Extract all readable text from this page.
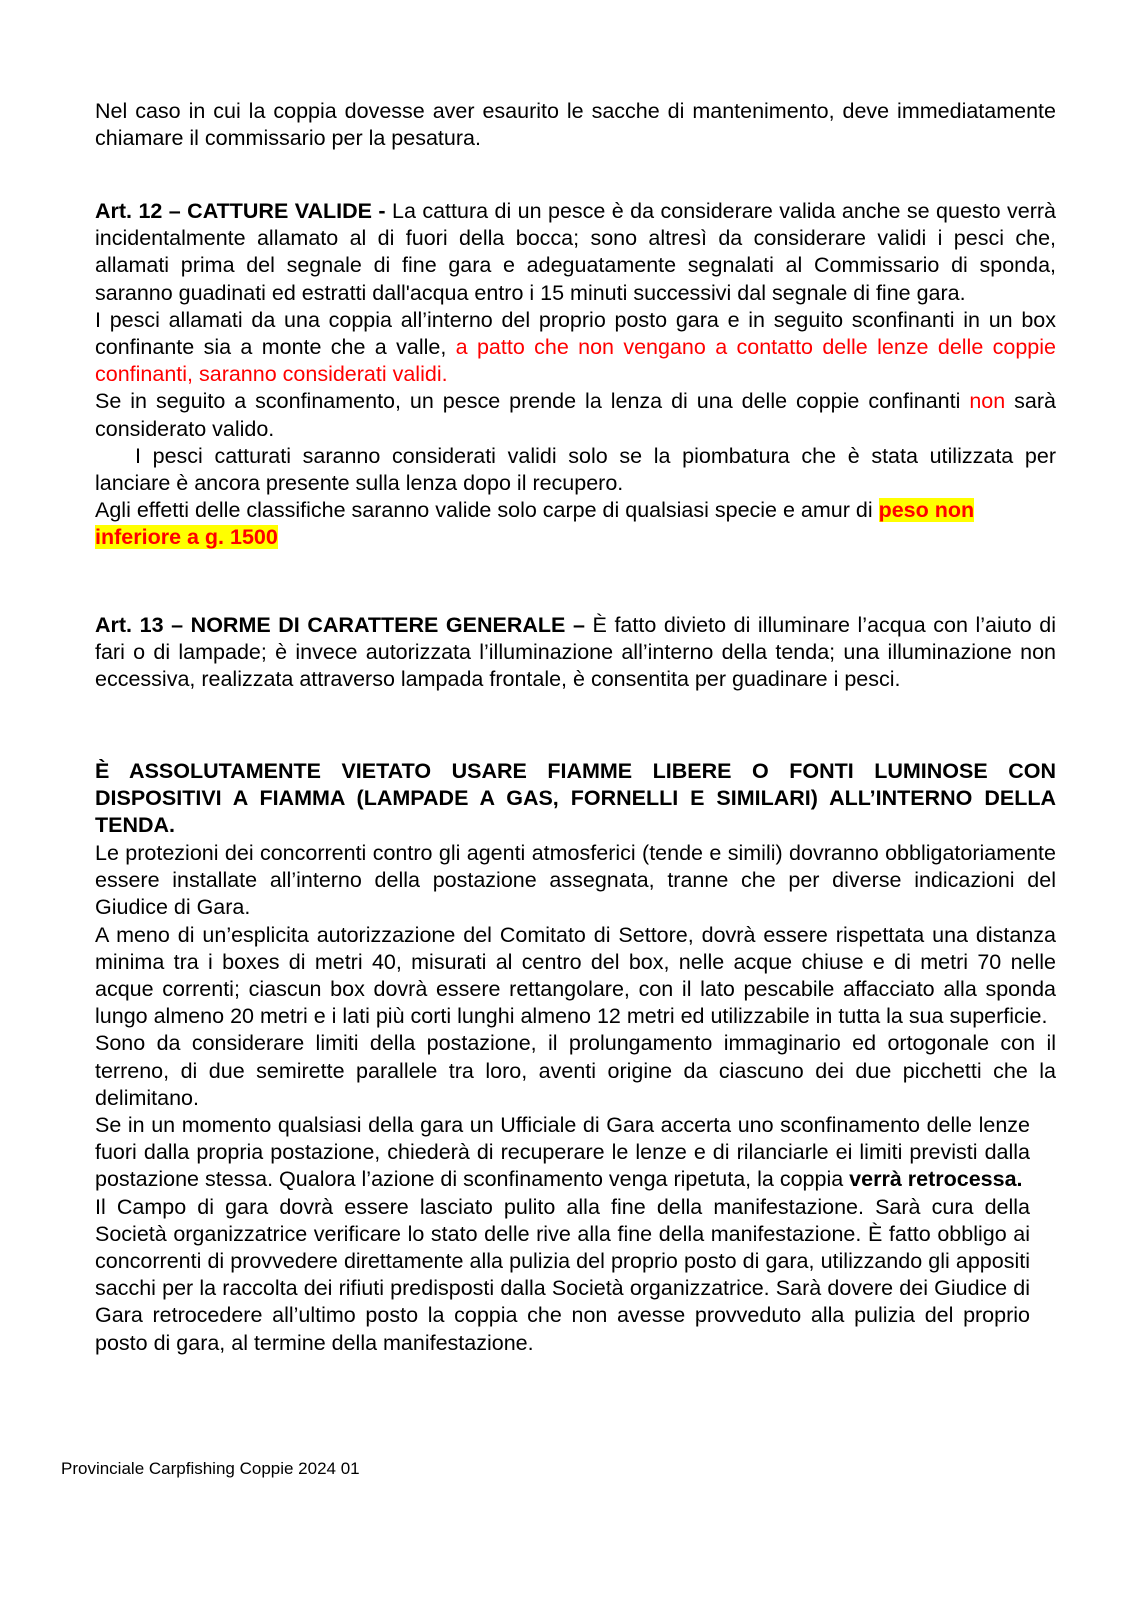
Nel caso in cui la coppia dovesse aver esaurito le sacche di mantenimento, deve immediatamente chiamare il commissario per la pesatura.

Art. 12 – CATTURE VALIDE - La cattura di un pesce è da considerare valida anche se questo verrà incidentalmente allamato al di fuori della bocca; sono altresì da considerare validi i pesci che, allamati prima del segnale di fine gara e adeguatamente segnalati al Commissario di sponda, saranno guadinati ed estratti dall'acqua entro i 15 minuti successivi dal segnale di fine gara.

I pesci allamati da una coppia all’interno del proprio posto gara e in seguito sconfinanti in un box confinante sia a monte che a valle, a patto che non vengano a contatto delle lenze delle coppie confinanti, saranno considerati validi.

Se in seguito a sconfinamento, un pesce prende la lenza di una delle coppie confinanti non sarà considerato valido.

I pesci catturati saranno considerati validi solo se la piombatura che è stata utilizzata per lanciare è ancora presente sulla lenza dopo il recupero.

Agli effetti delle classifiche saranno valide solo carpe di qualsiasi specie e amur di peso non
inferiore a g. 1500

Art. 13 – NORME DI CARATTERE GENERALE – È fatto divieto di illuminare l’acqua con l’aiuto di fari o di lampade; è invece autorizzata l’illuminazione all’interno della tenda; una illuminazione non eccessiva, realizzata attraverso lampada frontale, è consentita per guadinare i pesci.

È ASSOLUTAMENTE VIETATO USARE FIAMME LIBERE O FONTI LUMINOSE CON DISPOSITIVI A FIAMMA (LAMPADE A GAS, FORNELLI E SIMILARI) ALL’INTERNO DELLA TENDA.

Le protezioni dei concorrenti contro gli agenti atmosferici (tende e simili) dovranno obbligatoriamente essere installate all’interno della postazione assegnata, tranne che per diverse indicazioni del Giudice di Gara.

A meno di un’esplicita autorizzazione del Comitato di Settore, dovrà essere rispettata una distanza minima tra i boxes di metri 40, misurati al centro del box, nelle acque chiuse e di metri 70 nelle acque correnti; ciascun box dovrà essere rettangolare, con il lato pescabile affacciato alla sponda lungo almeno 20 metri e i lati più corti lunghi almeno 12 metri ed utilizzabile in tutta la sua superficie.

Sono da considerare limiti della postazione, il prolungamento immaginario ed ortogonale con il terreno, di due semirette parallele tra loro, aventi origine da ciascuno dei due picchetti che la delimitano.

Se in un momento qualsiasi della gara un Ufficiale di Gara accerta uno sconfinamento delle lenze fuori dalla propria postazione, chiederà di recuperare le lenze e di rilanciarle ei limiti previsti dalla postazione stessa. Qualora l’azione di sconfinamento venga ripetuta, la coppia verrà retrocessa.

Il Campo di gara dovrà essere lasciato pulito alla fine della manifestazione. Sarà cura della Società organizzatrice verificare lo stato delle rive alla fine della manifestazione. È fatto obbligo ai concorrenti di provvedere direttamente alla pulizia del proprio posto di gara, utilizzando gli appositi sacchi per la raccolta dei rifiuti predisposti dalla Società organizzatrice. Sarà dovere dei Giudice di Gara retrocedere all’ultimo posto la coppia che non avesse provveduto alla pulizia del proprio posto di gara, al termine della manifestazione.

Provinciale Carpfishing Coppie 2024 01
